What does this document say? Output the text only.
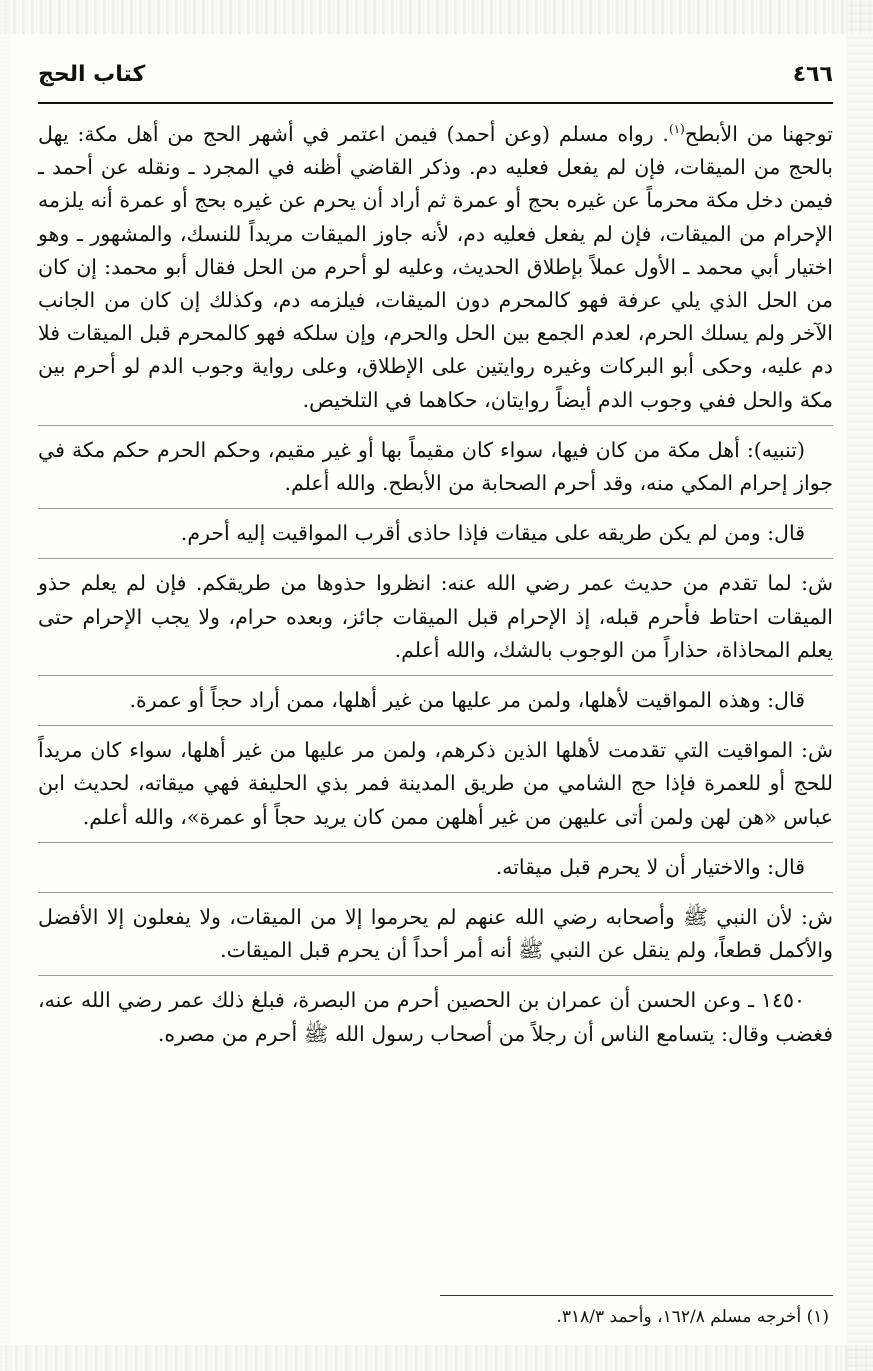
٤٦٦
كتاب الحج

توجهنا من الأبطح$^{(١)}$. رواه مسلم (وعن أحمد) فيمن اعتمر في أشهر الحج من أهل مكة: يهل بالحج من الميقات، فإن لم يفعل فعليه دم. وذكر القاضي أظنه في المجرد ـ ونقله عن أحمد ـ فيمن دخل مكة محرماً عن غيره بحج أو عمرة ثم أراد أن يحرم عن غيره بحج أو عمرة أنه يلزمه الإحرام من الميقات، فإن لم يفعل فعليه دم، لأنه جاوز الميقات مريداً للنسك، والمشهور ـ وهو اختيار أبي محمد ـ الأول عملاً بإطلاق الحديث، وعليه لو أحرم من الحل فقال أبو محمد: إن كان من الحل الذي يلي عرفة فهو كالمحرم دون الميقات، فيلزمه دم، وكذلك إن كان من الجانب الآخر ولم يسلك الحرم، لعدم الجمع بين الحل والحرم، وإن سلكه فهو كالمحرم قبل الميقات فلا دم عليه، وحكى أبو البركات وغيره روايتين على الإطلاق، وعلى رواية وجوب الدم لو أحرم بين مكة والحل ففي وجوب الدم أيضاً روايتان، حكاهما في التلخيص.

(تنبيه): أهل مكة من كان فيها، سواء كان مقيماً بها أو غير مقيم، وحكم الحرم حكم مكة في جواز إحرام المكي منه، وقد أحرم الصحابة من الأبطح. والله أعلم.

قال: ومن لم يكن طريقه على ميقات فإذا حاذى أقرب المواقيت إليه أحرم.

ش: لما تقدم من حديث عمر رضي الله عنه: انظروا حذوها من طريقكم. فإن لم يعلم حذو الميقات احتاط فأحرم قبله، إذ الإحرام قبل الميقات جائز، وبعده حرام، ولا يجب الإحرام حتى يعلم المحاذاة، حذاراً من الوجوب بالشك، والله أعلم.

قال: وهذه المواقيت لأهلها، ولمن مر عليها من غير أهلها، ممن أراد حجاً أو عمرة.

ش: المواقيت التي تقدمت لأهلها الذين ذكرهم، ولمن مر عليها من غير أهلها، سواء كان مريداً للحج أو للعمرة فإذا حج الشامي من طريق المدينة فمر بذي الحليفة فهي ميقاته، لحديث ابن عباس «هن لهن ولمن أتى عليهن من غير أهلهن ممن كان يريد حجاً أو عمرة»، والله أعلم.

قال: والاختيار أن لا يحرم قبل ميقاته.

ش: لأن النبي ﷺ وأصحابه رضي الله عنهم لم يحرموا إلا من الميقات، ولا يفعلون إلا الأفضل والأكمل قطعاً، ولم ينقل عن النبي ﷺ أنه أمر أحداً أن يحرم قبل الميقات.

١٤٥٠ ـ وعن الحسن أن عمران بن الحصين أحرم من البصرة، فبلغ ذلك عمر رضي الله عنه، فغضب وقال: يتسامع الناس أن رجلاً من أصحاب رسول الله ﷺ أحرم من مصره.

(١) أخرجه مسلم ١٦٢/٨، وأحمد ٣١٨/٣.
